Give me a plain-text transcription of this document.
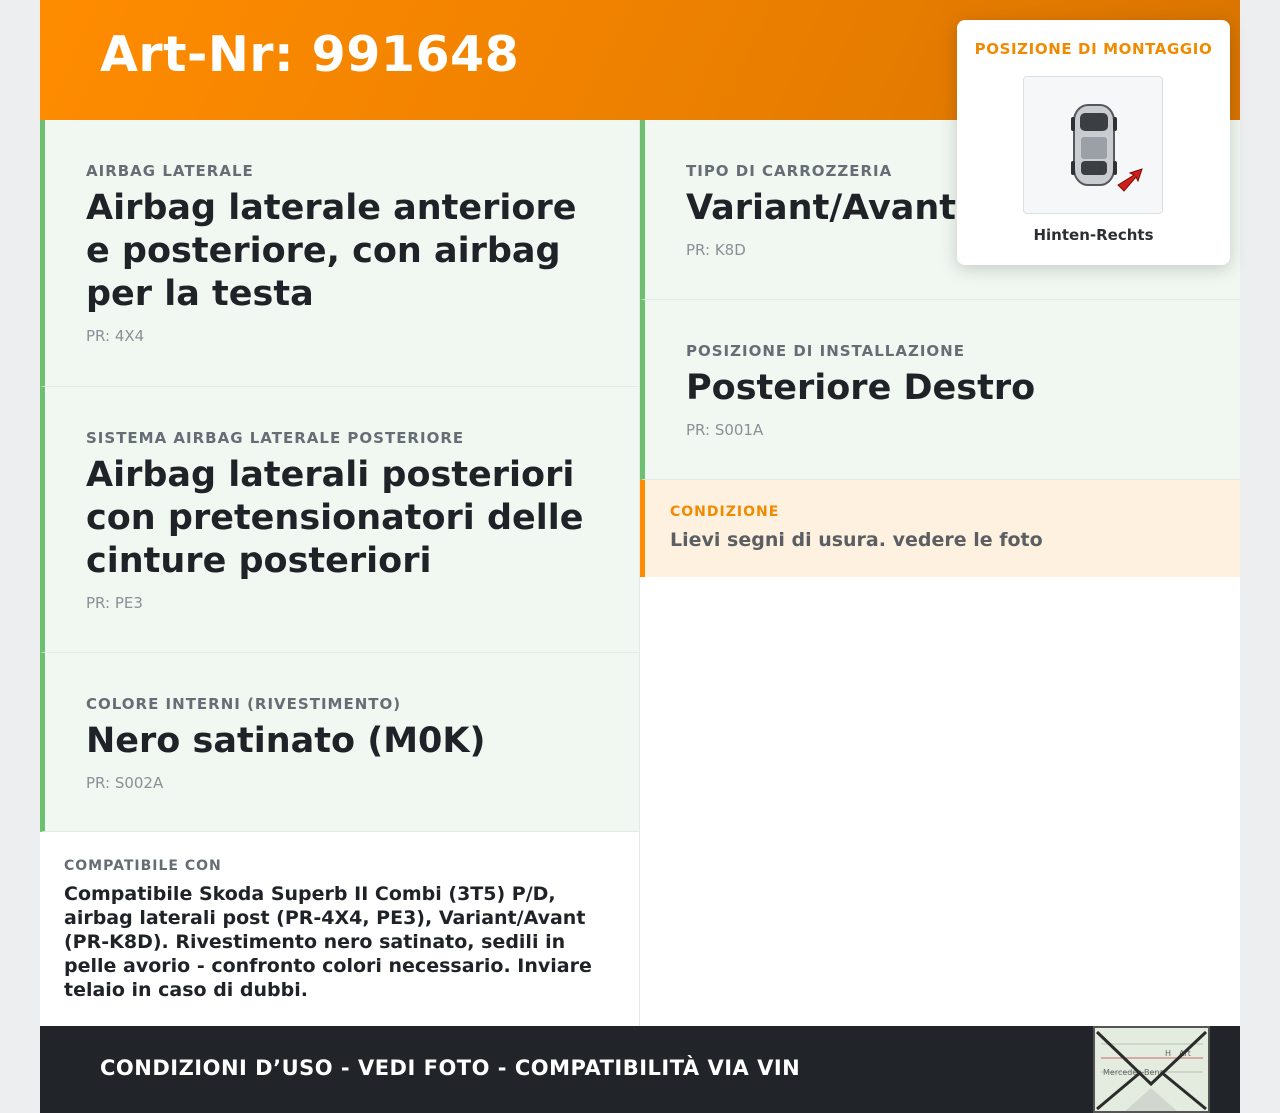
Art-Nr: 991648
AIRBAG LATERALE
Airbag laterale anteriore e posteriore, con airbag per la testa
PR: 4X4
SISTEMA AIRBAG LATERALE POSTERIORE
Airbag laterali posteriori con pretensionatori delle cinture posteriori
PR: PE3
COLORE INTERNI (RIVESTIMENTO)
Nero satinato (M0K)
PR: S002A
COMPATIBILE CON
Compatibile Skoda Superb II Combi (3T5) P/D, airbag laterali post (PR-4X4, PE3), Variant/Avant (PR-K8D). Rivestimento nero satinato, sedili in pelle avorio - confronto colori necessario. Inviare telaio in caso di dubbi.
TIPO DI CARROZZERIA
Variant/Avant
PR: K8D
POSIZIONE DI INSTALLAZIONE
Posteriore Destro
PR: S001A
CONDIZIONE
Lievi segni di usura. vedere le foto
POSIZIONE DI MONTAGGIO
Hinten-Rechts
CONDIZIONI D’USO - VEDI FOTO - COMPATIBILITÀ VIA VIN
H Art
Mercedes-Benz
